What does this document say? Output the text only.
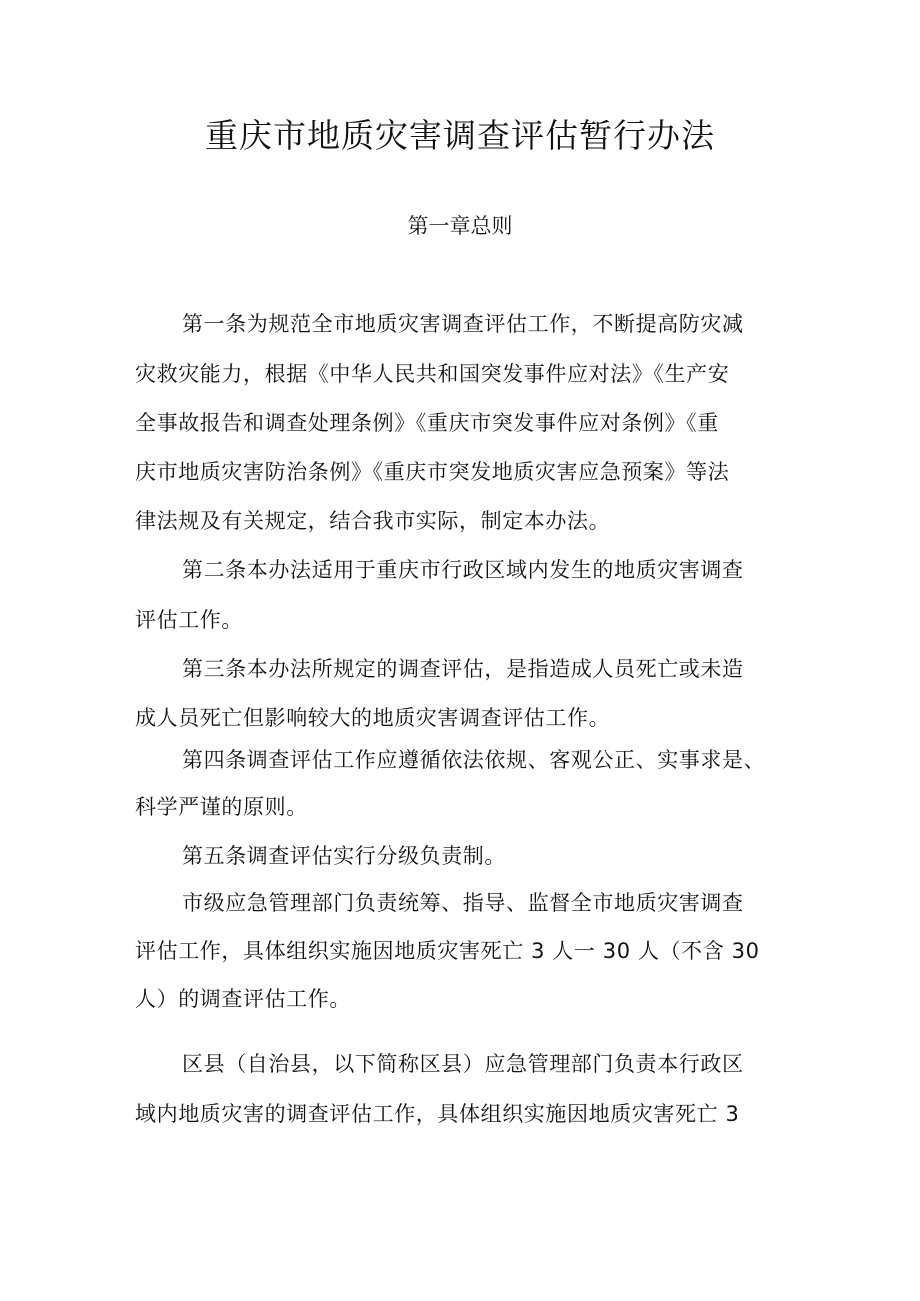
重庆市地质灾害调查评估暂行办法
第一章总则

第一条为规范全市地质灾害调查评估工作，不断提高防灾减

灾救灾能力，根据《中华人民共和国突发事件应对法》《生产安

全事故报告和调查处理条例》《重庆市突发事件应对条例》《重

庆市地质灾害防治条例》《重庆市突发地质灾害应急预案》等法

律法规及有关规定，结合我市实际，制定本办法。

第二条本办法适用于重庆市行政区域内发生的地质灾害调查

评估工作。

第三条本办法所规定的调查评估，是指造成人员死亡或未造

成人员死亡但影响较大的地质灾害调查评估工作。

第四条调查评估工作应遵循依法依规、客观公正、实事求是、

科学严谨的原则。

第五条调查评估实行分级负责制。

市级应急管理部门负责统筹、指导、监督全市地质灾害调查

评估工作，具体组织实施因地质灾害死亡 3 人一 30 人（不含 30

人）的调查评估工作。

区县（自治县，以下简称区县）应急管理部门负责本行政区

域内地质灾害的调查评估工作，具体组织实施因地质灾害死亡 3
